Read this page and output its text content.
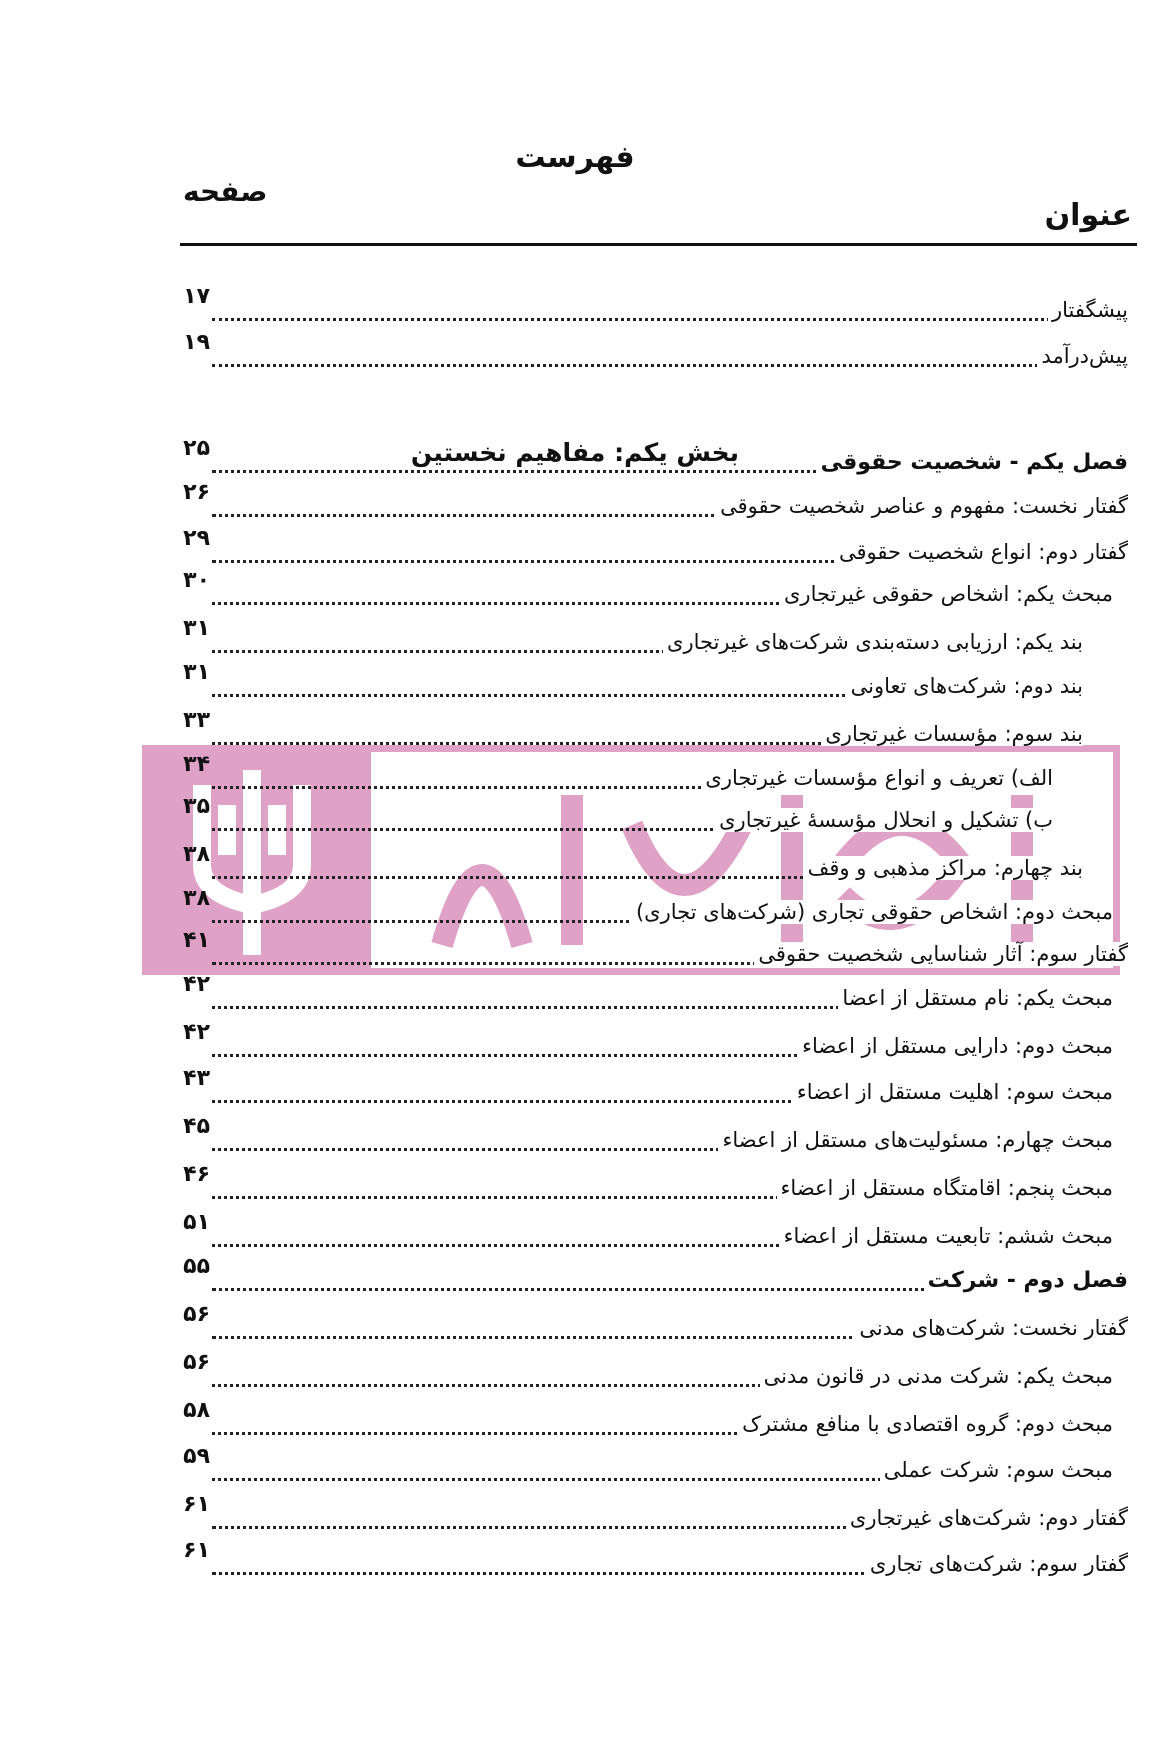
فهرست
صفحه
عنوان
۱۷
پیشگفتار
۱۹
پیش‌درآمد
بخش یکم: مفاهیم نخستین
۲۵
فصل یکم - شخصیت حقوقی
۲۶
گفتار نخست: مفهوم و عناصر شخصیت حقوقی
۲۹
گفتار دوم: انواع شخصیت حقوقی
۳۰
مبحث یکم: اشخاص حقوقی غیرتجاری
۳۱
بند یکم: ارزیابی دسته‌بندی شرکت‌های غیرتجاری
۳۱
بند دوم: شرکت‌های تعاونی
۳۳
بند سوم: مؤسسات غیرتجاری
۳۴
الف) تعریف و انواع مؤسسات غیرتجاری
۳۵
ب) تشکیل و انحلال مؤسسهٔ غیرتجاری
۳۸
بند چهارم: مراکز مذهبی و وقف
۳۸
مبحث دوم: اشخاص حقوقی تجاری (شرکت‌های تجاری)
۴۱
گفتار سوم: آثار شناسایی شخصیت حقوقی
۴۲
مبحث یکم: نام مستقل از اعضا
۴۲
مبحث دوم: دارایی مستقل از اعضاء
۴۳
مبحث سوم: اهلیت مستقل از اعضاء
۴۵
مبحث چهارم: مسئولیت‌های مستقل از اعضاء
۴۶
مبحث پنجم: اقامتگاه مستقل از اعضاء
۵۱
مبحث ششم: تابعیت مستقل از اعضاء
۵۵
فصل دوم - شرکت
۵۶
گفتار نخست: شرکت‌های مدنی
۵۶
مبحث یکم: شرکت مدنی در قانون مدنی
۵۸
مبحث دوم: گروه اقتصادی با منافع مشترک
۵۹
مبحث سوم: شرکت عملی
۶۱
گفتار دوم: شرکت‌های غیرتجاری
۶۱
گفتار سوم: شرکت‌های تجاری
